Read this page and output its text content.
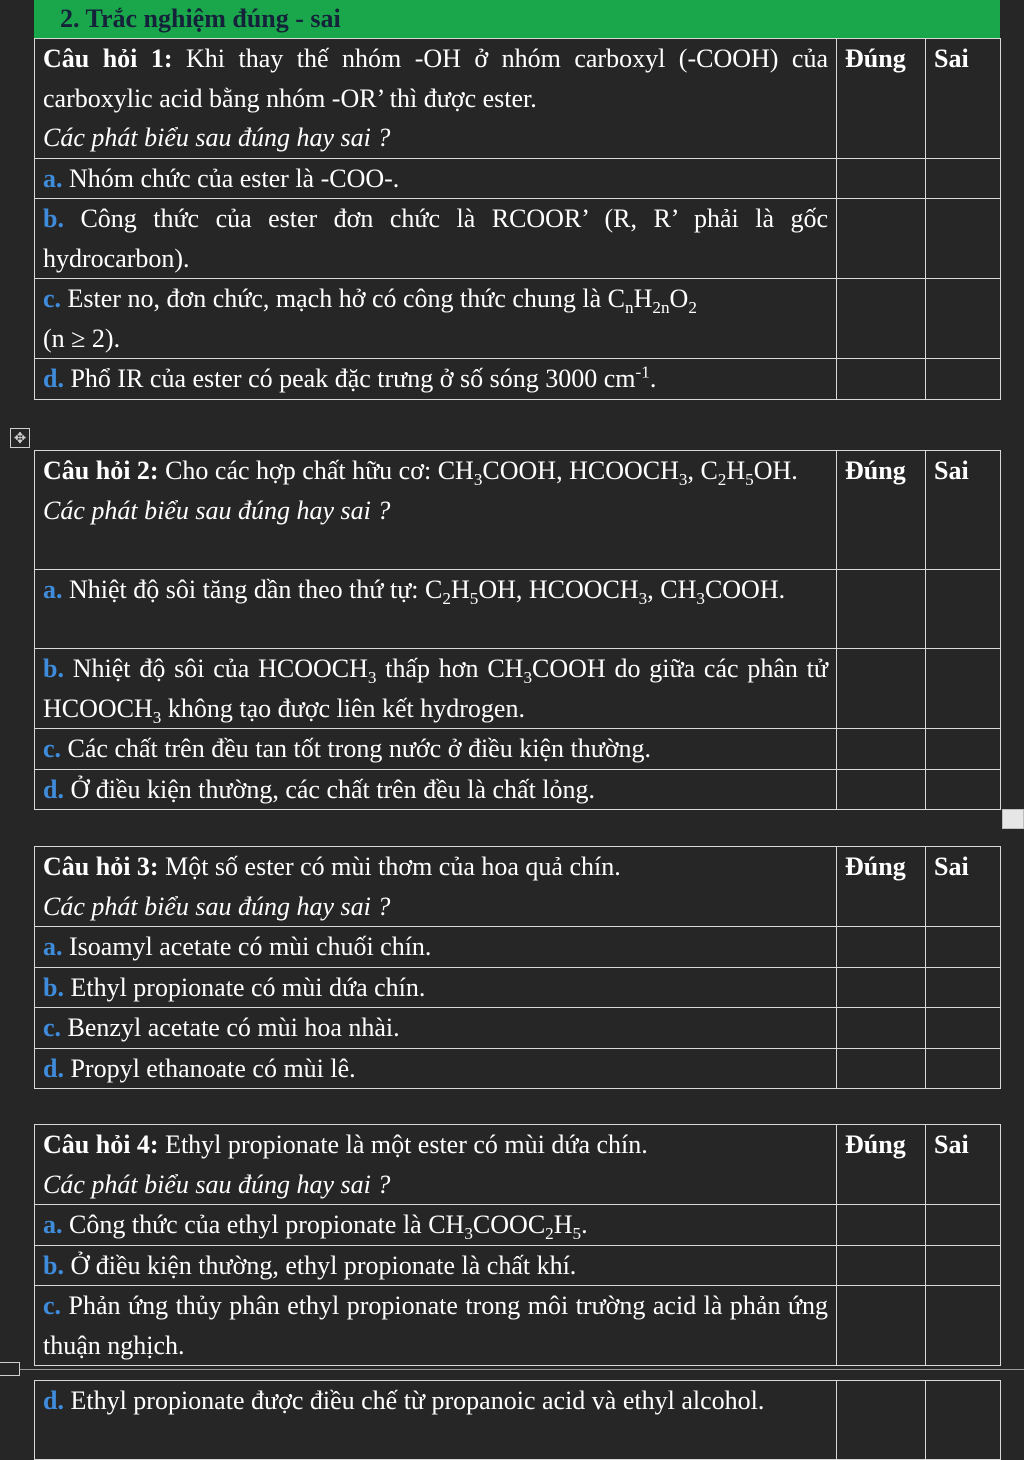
2. Trắc nghiệm đúng - sai
Câu hỏi 1: Khi thay thế nhóm -OH ở nhóm carboxyl (-COOH) của carboxylic acid bằng nhóm -OR’ thì được ester.
Các phát biểu sau đúng hay sai ?	Đúng	Sai
a. Nhóm chức của ester là -COO-.		
b. Công thức của ester đơn chức là RCOOR’ (R, R’ phải là gốc hydrocarbon).		
c. Ester no, đơn chức, mạch hở có công thức chung là $C_nH_{2n}O_2$
(n ≥ 2).		
d. Phổ IR của ester có peak đặc trưng ở số sóng 3000 $cm^{-1}$.		
✥
Câu hỏi 2: Cho các hợp chất hữu cơ: $CH_3COOH$, $HCOOCH_3$, $C_2H_5OH$.
Các phát biểu sau đúng hay sai ?	Đúng	Sai
a. Nhiệt độ sôi tăng dần theo thứ tự: $C_2H_5OH$, $HCOOCH_3$, $CH_3COOH$.		
b. Nhiệt độ sôi của $HCOOCH_3$ thấp hơn $CH_3COOH$ do giữa các phân tử $HCOOCH_3$ không tạo được liên kết hydrogen.		
c. Các chất trên đều tan tốt trong nước ở điều kiện thường.		
d. Ở điều kiện thường, các chất trên đều là chất lỏng.		
Câu hỏi 3: Một số ester có mùi thơm của hoa quả chín.
Các phát biểu sau đúng hay sai ?	Đúng	Sai
a. Isoamyl acetate có mùi chuối chín.		
b. Ethyl propionate có mùi dứa chín.		
c. Benzyl acetate có mùi hoa nhài.		
d. Propyl ethanoate có mùi lê.		
Câu hỏi 4: Ethyl propionate là một ester có mùi dứa chín.
Các phát biểu sau đúng hay sai ?	Đúng	Sai
a. Công thức của ethyl propionate là $CH_3COOC_2H_5$.		
b. Ở điều kiện thường, ethyl propionate là chất khí.		
c. Phản ứng thủy phân ethyl propionate trong môi trường acid là phản ứng thuận nghịch.		
d. Ethyl propionate được điều chế từ propanoic acid và ethyl alcohol.		
